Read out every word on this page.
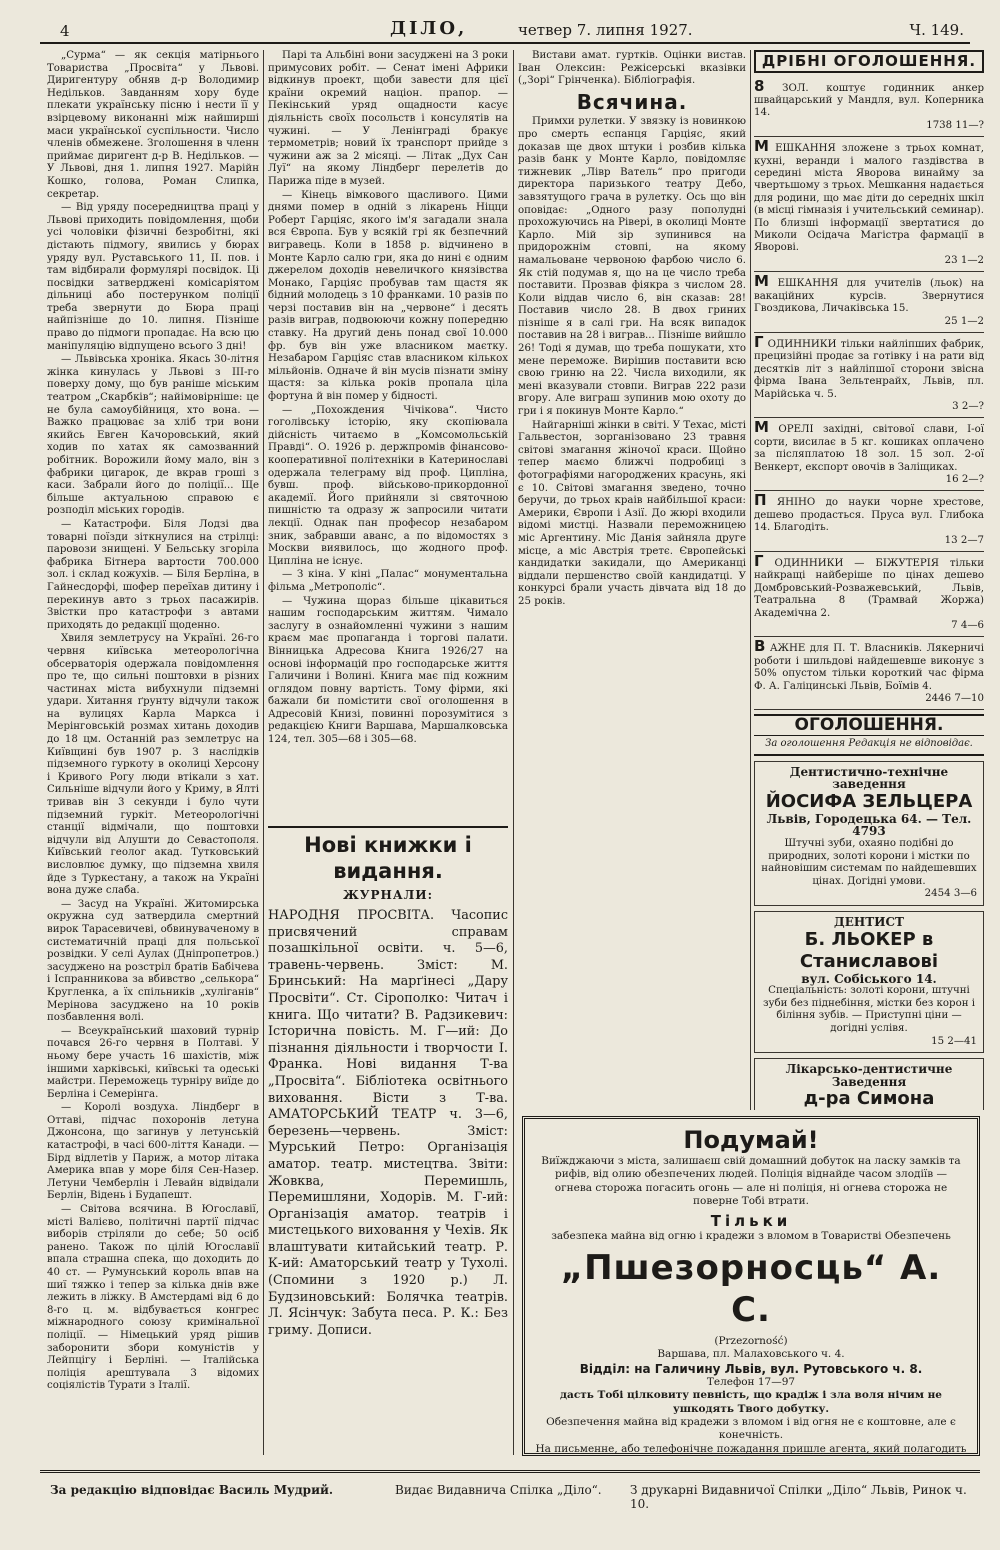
4	ДІЛО,	четвер 7. липня 1927.	Ч. 149.

„Сурма“ — як секція матірнього Товариства „Просвіта“ у Львові. Диригентуру обняв д-р Володимир Недільков. Завданням хору буде плекати українську пісню і нести її у взірцевому виконанні між найширші маси української суспільности. Число членів обмежене. Зголошення в членн приймає диригент д-р В. Недільков. — У Львові, дня 1. липня 1927. Марійн Кошко, голова, Роман Слипка, секретар.

— Від уряду посередництва праці у Львові приходить повідомлення, щоби усі чоловіки фізичні безробітні, які дістають підмогу, явились у бюрах уряду вул. Руставського 11, II. пов. і там відбирали формулярі посвідок. Ці посвідки затверджені комісаріятом дільниці або постерунком поліції треба звернути до Бюра праці найпізніше до 10. липня. Пізніше право до підмоги пропадає. На всю цю маніпуляцію відпущено всього 3 дні!

— Львівська хроніка. Якась 30-літня жінка кинулась у Львові з III-го поверху дому, що був раніше міським театром „Скарбків“; найімовірніше: це не була самоубійниця, хто вона. — Важко працюває за хліб три вони якийсь Евген Качоровський, який ходив по хатах як самозванний робітник. Ворожили йому мало, він з фабрики цигарок, де вкрав гроші з каси. Забрали його до поліції... Ще більше актуальною справою є розподіл міських городів.

— Катастрофи. Біля Лодзі два товарні поїзди зіткнулися на стрілці: паровози знищені. У Бельську згоріла фабрика Бітнера вартости 700.000 зол. і склад кожухів. — Біля Берліна, в Гайнесдорфі, шофер переїхав дитину і перекинув авто з трьох пасажирів. Звістки про катастрофи з автами приходять до редакції щоденно.

Хвиля землетрусу на Україні. 26-го червня київська метеорологічна обсерваторія одержала повідомлення про те, що сильні поштовхи в різних частинах міста вибухнули підземні удари. Хитання ґрунту відчули також на вулицях Карла Маркса і Мерінговській розмах хитань доходив до 18 цм. Останній раз землетрус на Київщині був 1907 р. З наслідків підземного гуркоту в околиці Херсону і Кривого Рогу люди втікали з хат. Сильніше відчули його у Криму, в Ялті тривав він 3 секунди і було чути підземний гуркіт. Метеорологічні станції відмічали, що поштовхи відчули від Алушти до Севастополя. Київський геолог акад. Тутковський висловлює думку, що підземна хвиля йде з Туркестану, а також на Україні вона дуже слаба.

— Засуд на Україні. Житомирська окружна суд затвердила смертний вирок Тарасевичеві, обвинуваченому в систематичній праці для польської розвідки. У селі Аулах (Дніпропетров.) засуджено на розстріл братів Бабічева і Іспранникова за вбивство „селькора“ Кругленка, а їх спільників „хуліганів“ Мерінова засуджено на 10 років позбавлення волі.

— Всеукраїнський шаховий турнір почався 26-го червня в Полтаві. У ньому бере участь 16 шахістів, між іншими харківські, київські та одеські майстри. Переможець турніру виїде до Берліна і Семерінга.

— Королі воздуха. Ліндберг в Оттаві, підчас похоронів летуна Джонсона, що загинув у летунській катастрофі, в часі 600-ліття Канади. — Бірд відлетів у Париж, а мотор літака Америка впав у море біля Сен-Назер. Летуни Чемберлін і Левайн відвідали Берлін, Відень і Будапешт.

— Світова всячина. В Югославії, місті Валієво, політичні партії підчас виборів стріляли до себе; 50 осіб ранено. Також по цілій Югославії впала страшна спека, що доходить до 40 ст. — Румунський король впав на шиї тяжко і тепер за кілька днів вже лежить в ліжку. В Амстердамі від 6 до 8-го ц. м. відбувається конгрес міжнародного союзу кримінальної поліції. — Німецький уряд рішив заборонити збори комуністів у Лейпцігу і Берліні. — Італійська поліція арештувала 3 відомих соціялістів Турати з Італії.

Парі та Альбіні вони засуджені на 3 роки примусових робіт. — Сенат імені Африки відкинув проект, щоби завести для цієї країни окремий націон. прапор. — Пекінський уряд ощадности касує діяльність своїх посольств і консулятів на чужині. — У Ленінграді бракує термометрів; новий їх транспорт прийде з чужини аж за 2 місяці. — Літак „Дух Сан Луї“ на якому Ліндберг перелетів до Парижа піде в музей.

— Кінець вімкового щасливого. Цими днями помер в одній з лікарень Ніцци Роберт Гарціяс, якого ім'я загадали знала вся Європа. Був у всякій грі як безпечний вигравець. Коли в 1858 р. відчинено в Монте Карло салю гри, яка до нині є одним джерелом доходів невеличкого князівства Монако, Гарціяс пробував там щастя як бідний молодець з 10 франками. 10 разів по черзі поставив він на „червоне“ і десять разів виграв, подвоюючи кожну попередню ставку. На другий день понад свої 10.000 фр. був він уже власником маєтку. Незабаром Гарціяс став власником кількох мільйонів. Одначе й він мусів пізнати зміну щастя: за кілька років пропала ціла фортуна й він помер у бідності.

— „Похождения Чічікова“. Чисто гоголівську історію, яку скопіювала дійсність читаємо в „Комсомольській Правді“. О. 1926 р. держпромів фінансово-кооперативної політехніки в Катеринославі одержала телеграму від проф. Ципліна, бувш. проф. військово-прикордонної академії. Його прийняли зі святочною пишністю та одразу ж запросили читати лекції. Однак пан професор незабаром зник, забравши аванс, а по відомостях з Москви виявилось, що жодного проф. Ципліна не існує.

— З кіна. У кіні „Палас“ монументальна фільма „Метрополіс“.

— Чужина щораз більше цікавиться нашим господарським життям. Чимало заслугу в ознайомленні чужини з нашим краєм має пропаганда і торгові палати. Вінницька Адресова Книга 1926/27 на основі інформацій про господарське життя Галичини і Волині. Книга має під кожним оглядом повну вартість. Тому фірми, які бажали би помістити свої оголошення в Адресовій Книзі, повинні порозумітися з редакцією Книги Варшава, Маршалковська 124, тел. 305—68 і 305—68.

Нові книжки і видання.
ЖУРНАЛИ:
НАРОДНЯ ПРОСВІТА. Часопис присвячений справам позашкільної освіти. ч. 5—6, травень-червень. Зміст: М. Бринський: На марґінесі „Дару Просвіти“. Ст. Сірополко: Читач і книга. Що читати? В. Радзикевич: Історична повість. М. Г—ий: До пізнання діяльности і творчости І. Франка. Нові видання Т-ва „Просвіта“. Бібліотека освітнього виховання. Вісти з Т-ва. АМАТОРСЬКИЙ ТЕАТР ч. 3—6, березень—червень. Зміст: Мурський Петро: Організація аматор. театр. мистецтва. Звіти: Жовква, Перемишль, Перемишляни, Ходорів. М. Г-ий: Організація аматор. театрів і мистецького виховання у Чехів. Як влаштувати китайський театр. Р. К-ий: Аматорський театр у Тухолі. (Спомини з 1920 р.) Л. Будзиновський: Болячка театрів. Л. Ясінчук: Забута песа. Р. К.: Без гриму. Дописи.

Вистави амат. гуртків. Оцінки вистав. Іван Олексин: Режісерські вказівки („Зорі“ Грінченка). Бібліографія.

Всячина.

Примхи рулетки. У звязку із новинкою про смерть еспанця Гарціяс, який доказав ще двох штуки і розбив кілька разів банк у Монте Карло, повідомляє тижневик „Лівр Ватель“ про пригоди директора паризького театру Дебо, завзятущого грача в рулетку. Ось що він оповідає: „Одного разу пополудні прохожуючись на Рівері, в околиці Монте Карло. Мій зір зупинився на придорожнім стовпі, на якому намальоване червоною фарбою число 6. Як стій подумав я, що на це число треба поставити. Прозвав фіякра з числом 28. Коли віддав число 6, він сказав: 28! Поставив число 28. В двох гриних пізніше я в салі гри. На всяк випадок поставив на 28 і виграв... Пізніше вийшло 26! Тоді я думав, що треба пошукати, хто мене переможе. Вирішив поставити всю свою гриню на 22. Числа виходили, як мені вказували стовпи. Виграв 222 рази вгору. Але виграш зупинив мою охоту до гри і я покинув Монте Карло.“

Найгарніші жінки в світі. У Техас, місті Гальвестон, зорганізовано 23 травня світові змагання жіночої краси. Щойно тепер маємо ближчі подробиці з фотографіями нагороджених красунь, які є 10. Світові змагання зведено, точно беручи, до трьох краів найбільшої краси: Америки, Європи і Азії. До жюрі входили відомі мистці. Назвали переможницею міс Аргентину. Міс Данія зайняла друге місце, а міс Австрія третє. Європейські кандидатки закидали, що Американці віддали першенство своїй кандидатці. У конкурсі брали участь дівчата від 18 до 25 років.

ДРІБНІ ОГОЛОШЕННЯ.
8 ЗОЛ. коштує годинник анкер швайцарський у Мандля, вул. Коперника 14.
1738 11—?
М ЕШКАННЯ зложене з трьох комнат, кухні, веранди і малого газдівства в середині міста Яворова винайму за чвертьшому з трьох. Мешкання надається для родини, що має діти до середніх шкіл (в місці гімназія і учительський семинар). По близші інформації звертатися до Миколи Осідача Магістра фармації в Яворові.
23 1—2
М ЕШКАННЯ для учителів (льок) на вакаційних курсів. Звернутися Гвоздикова, Личаківська 15.
25 1—2
Г ОДИННИКИ тільки найліпших фабрик, прецизійні продає за готівку і на рати від десятків літ з найліпшої сторони звісна фірма Івана Зельтенрайх, Львів, пл. Марійська ч. 5.
3 2—?
М ОРЕЛІ західні, світової слави, I-ої сорти, виcилає в 5 кг. кошиках оплачено за післяплатою 18 зол. 15 зол. 2-ої Венкерт, експорт овочів в Заліщиках.
16 2—?
П ЯНІНО до науки чорне хрестове, дешево продасться. Пруса вул. Глибока 14. Благодіть.
13 2—7
Г ОДИННИКИ — БІЖУТЕРІЯ тільки найкращі найберіше по цінах дешево Домбровський-Розважевський, Львів, Театральна 8 (Трамвай Жоржа) Академічна 2.
7 4—6
В АЖНЕ для П. Т. Власників. Лякерничі роботи і шильдові найдешевше виконує з 50% опустом тільки короткий час фірма Ф. А. Галіцинські Львів, Боїмів 4.
2446 7—10
ОГОЛОШЕННЯ.
За оголошення Редакція не відповідає.
Дентистично-технічне заведення
ЙОСИФА ЗЕЛЬЦЕРА
Львів, Городецька 64. — Тел. 4793
Штучні зуби, охаяно подібні до природних, золоті корони і містки по найновішим системам по найдешевших цінах. Догідні умови.
2454 3—6
ДЕНТИСТ
Б. ЛЬОКЕР в Станиславові
вул. Собіського 14.
Спеціальність: золоті корони, штучні зуби без піднебіння, містки без корон і біління зубів. — Приступні ціни — догідні услівя.
15 2—41
Лікарсько-дентистичне Заведення
д-ра Симона
Подумай!
Виїжджаючи з міста, залишаєш свій домашний добуток на ласку замків та рифів, від олию обезпечених людей. Поліція віднайде часом злодіїв — огнева сторожа погасить огонь — але ні поліція, ні огнева сторожа не поверне Тобі втрати.
Тільки
забезпека майна від огню і крадежи з вломом в Товаристві Обезпечень
„Пшезорносць“ А. С.
(Przezorność)
Варшава, пл. Малаховського ч. 4.
Відділ: на Галичину Львів, вул. Рутовського ч. 8.
Телефон 17—97
дасть Тобі цілковиту певність, що крадіж і зла воля нічим не ушкодять Твого добутку.
Обезпечення майна від крадежи з вломом і від огня не є коштовне, але є конечність.
На письменне, або телефонічне пожадання пришле агента, який полагодить
За редакцію відповідає Василь Мудрий.	Видає Видавнича Спілка „Діло“. З друкарні Видавничої Спілки „Діло“ Львів, Ринок ч. 10.
